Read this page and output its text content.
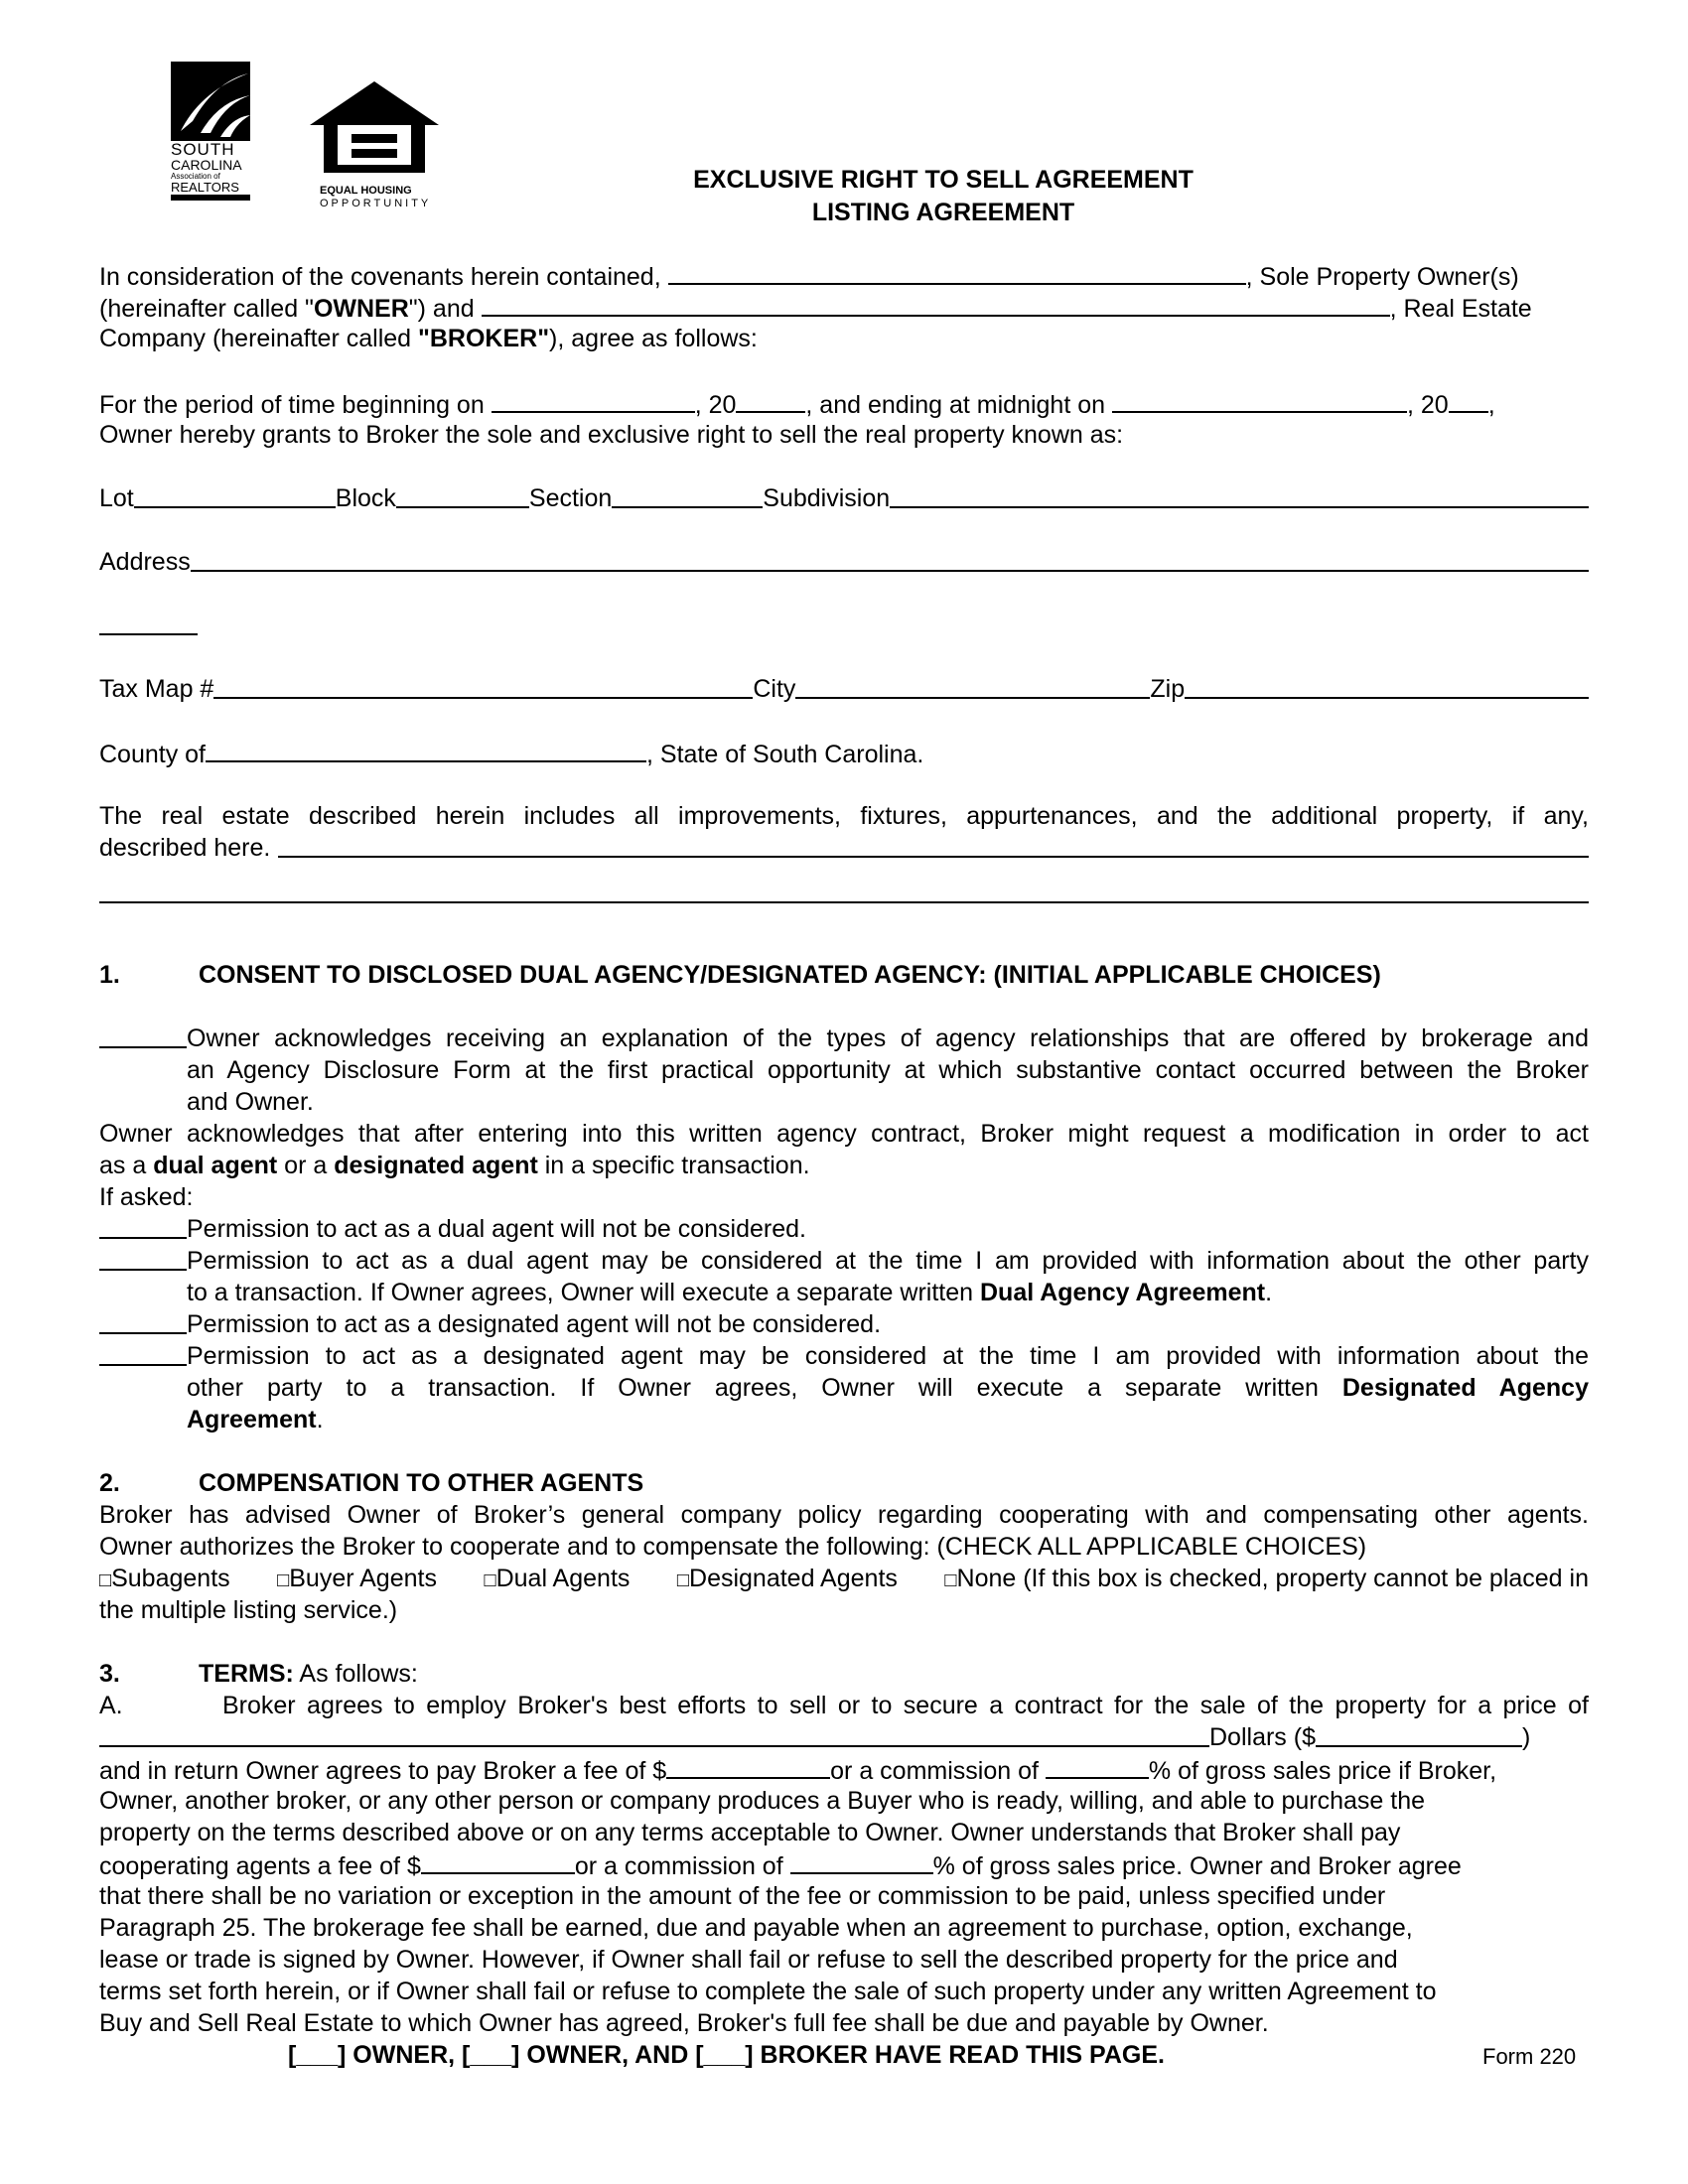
SOUTH
CAROLINA
Association of
REALTORS	EQUAL HOUSING
OPPORTUNITY
EXCLUSIVE RIGHT TO SELL AGREEMENT
LISTING AGREEMENT
In consideration of the covenants herein contained,	, Sole Property Owner(s)
(hereinafter called "OWNER") and	, Real Estate
Company (hereinafter called "BROKER"), agree as follows:
For the period of time beginning on	, 20	, and ending at midnight on	, 20 ,
Owner hereby grants to Broker the sole and exclusive right to sell the real property known as:
Lot	Block	Section	Subdivision
Address
Tax Map #	City	Zip
County of	, State of South Carolina.
The real estate described herein includes all improvements, fixtures, appurtenances, and the additional property, if any,
described here.
1.	CONSENT TO DISCLOSED DUAL AGENCY/DESIGNATED AGENCY: (INITIAL APPLICABLE CHOICES)
Owner acknowledges receiving an explanation of the types of agency relationships that are offered by brokerage and
an Agency Disclosure Form at the first practical opportunity at which substantive contact occurred between the Broker
and Owner.
Owner acknowledges that after entering into this written agency contract, Broker might request a modification in order to act
as a dual agent or a designated agent in a specific transaction.
If asked:
Permission to act as a dual agent will not be considered.
Permission to act as a dual agent may be considered at the time I am provided with information about the other party
to a transaction. If Owner agrees, Owner will execute a separate written Dual Agency Agreement.
Permission to act as a designated agent will not be considered.
Permission to act as a designated agent may be considered at the time I am provided with information about the
other party to a transaction. If Owner agrees, Owner will execute a separate written Designated Agency
Agreement.
2.	COMPENSATION TO OTHER AGENTS
Broker has advised Owner of Broker’s general company policy regarding cooperating with and compensating other agents.
Owner authorizes the Broker to cooperate and to compensate the following: (CHECK ALL APPLICABLE CHOICES)
□Subagents □Buyer Agents □Dual Agents □Designated Agents □None (If this box is checked, property cannot be placed in
the multiple listing service.)
3.	TERMS: As follows:
A.	Broker agrees to employ Broker's best efforts to sell or to secure a contract for the sale of the property for a price of
Dollars ($	)
and in return Owner agrees to pay Broker a fee of $	or a commission of	% of gross sales price if Broker,
Owner, another broker, or any other person or company produces a Buyer who is ready, willing, and able to purchase the
property on the terms described above or on any terms acceptable to Owner. Owner understands that Broker shall pay
cooperating agents a fee of $	or a commission of	% of gross sales price. Owner and Broker agree
that there shall be no variation or exception in the amount of the fee or commission to be paid, unless specified under
Paragraph 25. The brokerage fee shall be earned, due and payable when an agreement to purchase, option, exchange,
lease or trade is signed by Owner. However, if Owner shall fail or refuse to sell the described property for the price and
terms set forth herein, or if Owner shall fail or refuse to complete the sale of such property under any written Agreement to
Buy and Sell Real Estate to which Owner has agreed, Broker's full fee shall be due and payable by Owner.
[___] OWNER, [___] OWNER, AND [___] BROKER HAVE READ THIS PAGE.	Form 220
